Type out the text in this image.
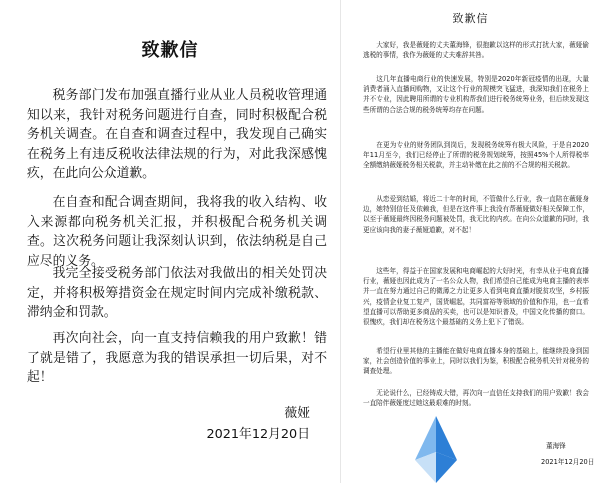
致歉信

税务部门发布加强直播行业从业人员税收管理通知以来，我针对税务问题进行自查，同时积极配合税务机关调查。在自查和调查过程中，我发现自己确实在税务上有违反税收法律法规的行为，对此我深感愧疚，在此向公众道歉。

在自查和配合调查期间，我将我的收入结构、收入来源都向税务机关汇报，并积极配合税务机关调查。这次税务问题让我深刻认识到，依法纳税是自己应尽的义务。

我完全接受税务部门依法对我做出的相关处罚决定，并将积极筹措资金在规定时间内完成补缴税款、滞纳金和罚款。

再次向社会，向一直支持信赖我的用户致歉！错了就是错了，我愿意为我的错误承担一切后果，对不起！

薇娅
2021年12月20日
致歉信

大家好，我是薇娅的丈夫董海锋，很抱歉以这样的形式打扰大家，薇娅偷逃税的事情，我作为薇娅的丈夫难辞其咎。

这几年直播电商行业的快速发展，特别是2020年新冠疫情的出现，大量消费者涌入直播间购物，又让这个行业的规模突飞猛进，我深知我们在税务上并不专业，因此聘用所谓的专业机构帮我们进行税务统筹业务，但后续发现这些所谓的合法合规的税务统筹均存在问题。

在更为专业的财务团队到岗后，发现税务统筹有极大风险，于是自2020年11月至今，我们已经停止了所谓的税务规划统筹，按照45%个人所得税率全额缴纳薇娅税务相关税款，并主动补缴在此之前的不合规的相关税款。

从恋爱到结婚，将近二十年的时间，不管做什么行业，我一直陪在薇娅身边，她特别信任及依赖我，但是在这件事上我没有帮薇娅做好相关保障工作，以至于薇娅最终因税务问题被处罚，我无比的内疚。在向公众道歉的同时，我更应该向我的妻子薇娅道歉，对不起！

这些年，得益于在国家发展和电商崛起的大好时光，有幸从业于电商直播行业，薇娅也因此成为了一名公众人物，我们希望自己能成为电商主播的表率并一直在努力通过自己的微薄之力让更多人看到电商直播对脱贫攻坚，乡村振兴，疫情企业复工复产，国货崛起，共同富裕等领域的价值和作用，也一直希望直播可以帮助更多商品的买卖，也可以是知识普及，中国文化传播的窗口。很愧疚，我们却在税务这个最基础的义务上犯下了错误。

希望行业里其他的主播能在做好电商直播本身的基础上，能继续投身到国家，社会创造价值的事业上，同时以我们为鉴，积极配合税务机关针对税务的调查处理。

无论说什么，已经铸成大错，再次向一直信任支持我们的用户致歉！我会一直陪伴薇娅度过她这最艰难的时刻。

董海锋
2021年12月20日
